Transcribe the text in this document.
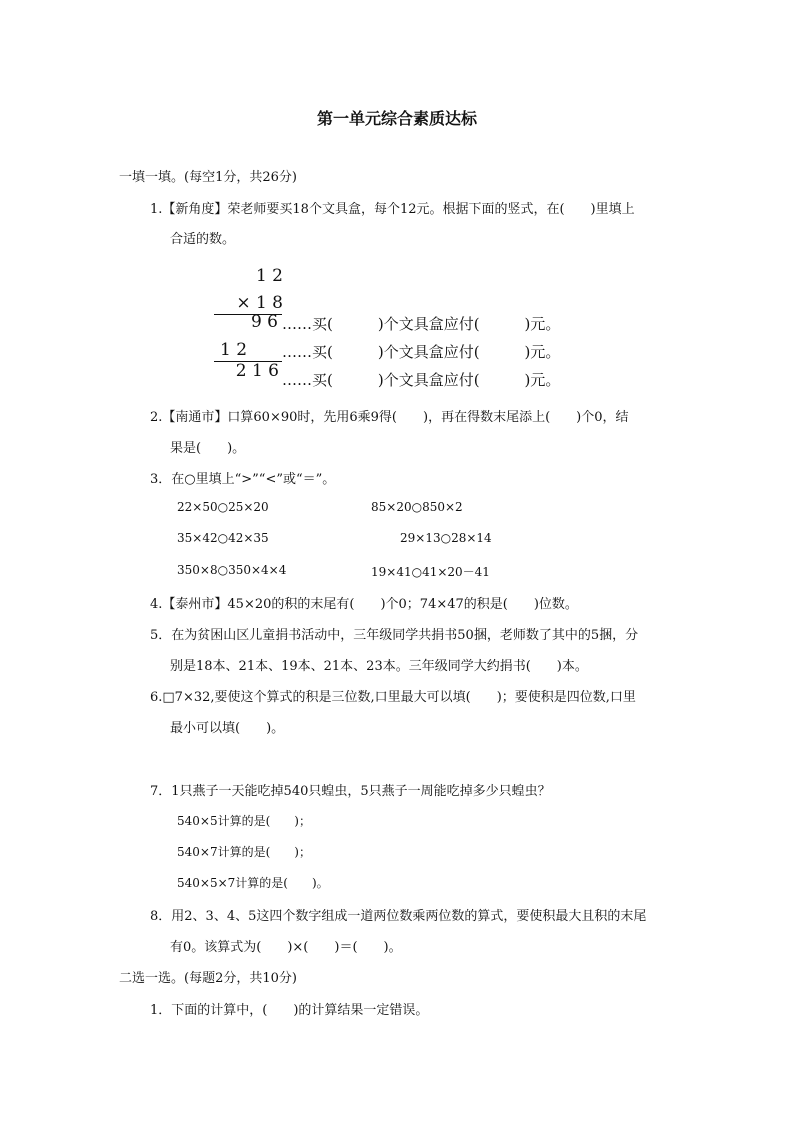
第一单元综合素质达标
一填一填。(每空1分，共26分)
1.【新角度】荣老师要买18个文具盒，每个12元。根据下面的竖式，在(　　)里填上
合适的数。
1 2
× 1 8
9 6
1 2
2 1 6
……买(　　　)个文具盒应付(　　　)元。
……买(　　　)个文具盒应付(　　　)元。
……买(　　　)个文具盒应付(　　　)元。
2.【南通市】口算60×90时，先用6乘9得(　　)，再在得数末尾添上(　　)个0，结
果是(　　)。
3．在○里填上“>”“<”或“＝”。
22×50○25×20	85×20○850×2
35×42○42×35	29×13○28×14
350×8○350×4×4	19×41○41×20－41
4.【泰州市】45×20的积的末尾有(　　)个0；74×47的积是(　　)位数。
5．在为贫困山区儿童捐书活动中，三年级同学共捐书50捆，老师数了其中的5捆，分
别是18本、21本、19本、21本、23本。三年级同学大约捐书(　　)本。
6.□7×32,要使这个算式的积是三位数,口里最大可以填(　　)；要使积是四位数,口里
最小可以填(　　)。
7．1只燕子一天能吃掉540只蝗虫，5只燕子一周能吃掉多少只蝗虫？
540×5计算的是(　　)；
540×7计算的是(　　)；
540×5×7计算的是(　　)。
8．用2、3、4、5这四个数字组成一道两位数乘两位数的算式，要使积最大且积的末尾
有0。该算式为(　　)×(　　)＝(　　)。
二选一选。(每题2分，共10分)
1．下面的计算中，(　　)的计算结果一定错误。
